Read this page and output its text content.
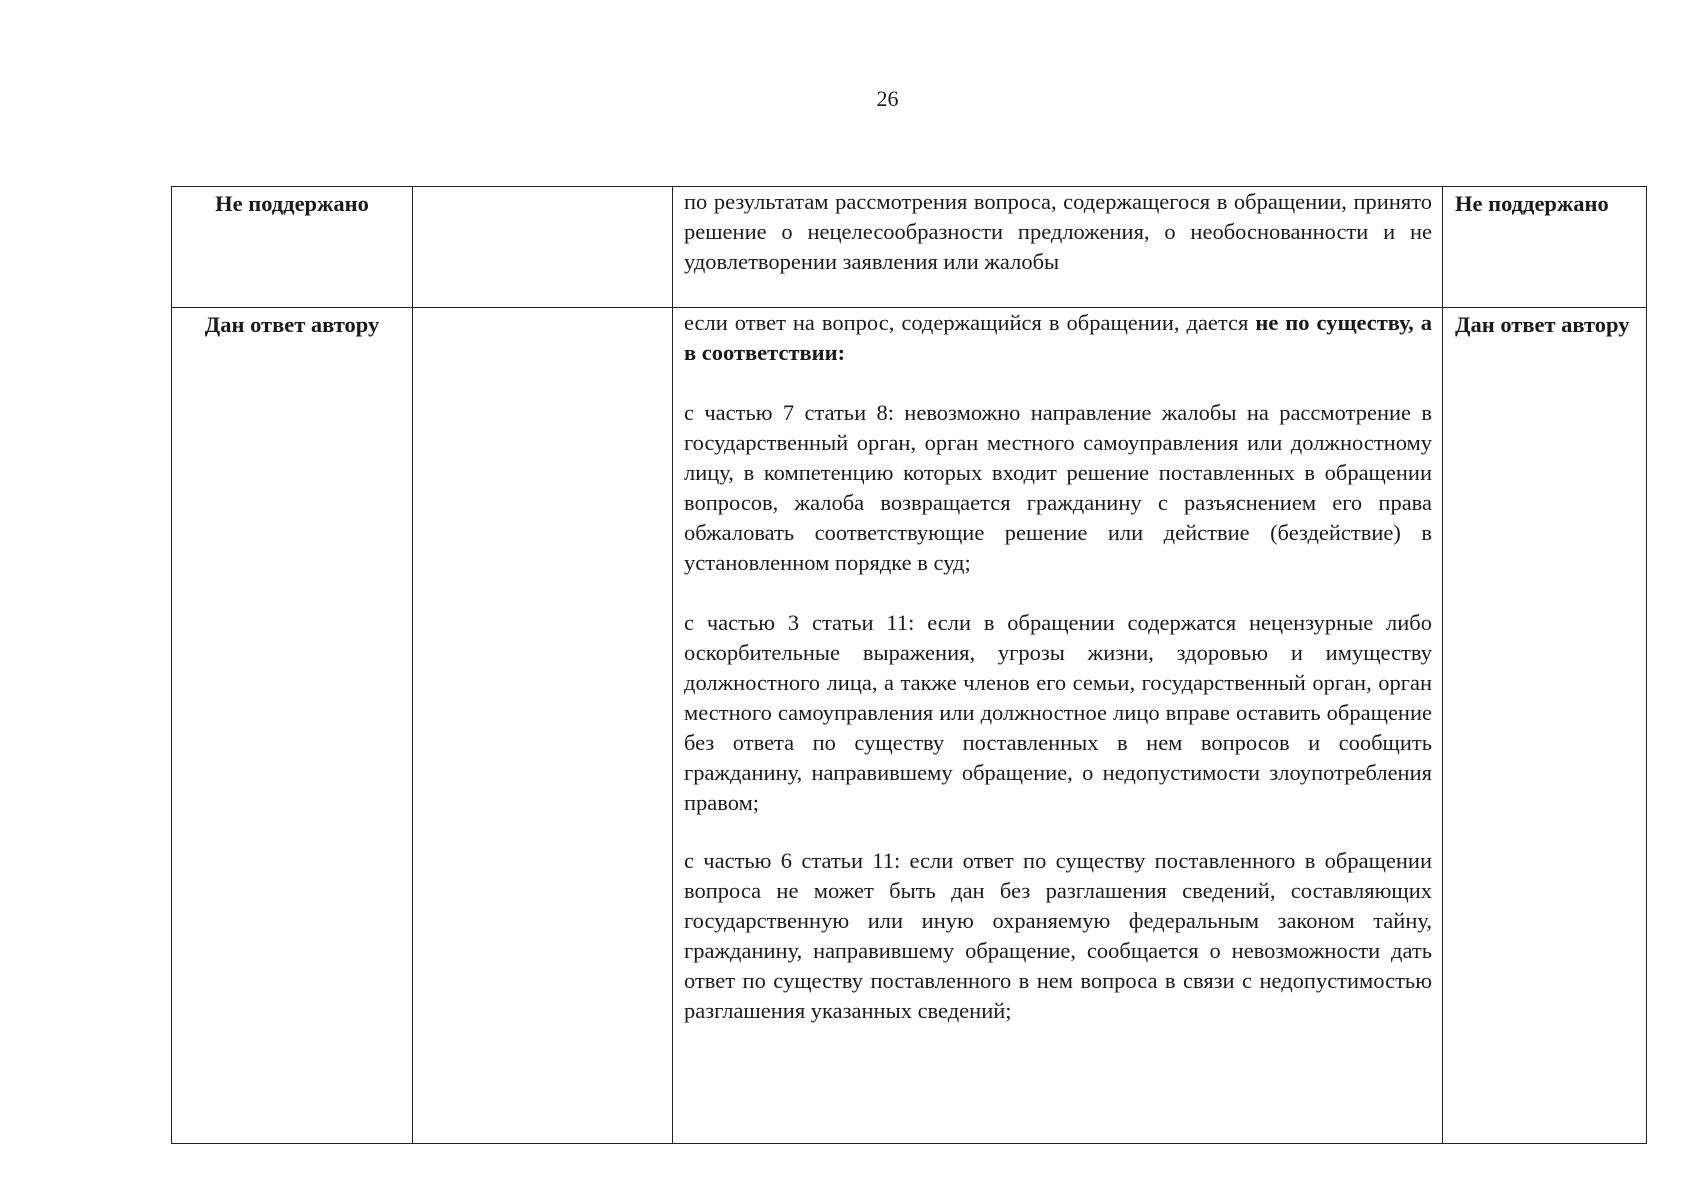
26
Не поддержано		по результатам рассмотрения вопроса, содержащегося в обращении, принято решение о нецелесообразности предложения, о необоснованности и не удовлетворении заявления или жалобы	Не поддержано
Дан ответ автору		если ответ на вопрос, содержащийся в обращении, дается не по существу, а в соответствии:

с частью 7 статьи 8: невозможно направление жалобы на рассмотрение в государственный орган, орган местного самоуправления или должностному лицу, в компетенцию которых входит решение поставленных в обращении вопросов, жалоба возвращается гражданину с разъяснением его права обжаловать соответствующие решение или действие (бездействие) в установленном порядке в суд;

с частью 3 статьи 11: если в обращении содержатся нецензурные либо оскорбительные выражения, угрозы жизни, здоровью и имуществу должностного лица, а также членов его семьи, государственный орган, орган местного самоуправления или должностное лицо вправе оставить обращение без ответа по существу поставленных в нем вопросов и сообщить гражданину, направившему обращение, о недопустимости злоупотребления правом;

с частью 6 статьи 11: если ответ по существу поставленного в обращении вопроса не может быть дан без разглашения сведений, составляющих государственную или иную охраняемую федеральным законом тайну, гражданину, направившему обращение, сообщается о невозможности дать ответ по существу поставленного в нем вопроса в связи с недопустимостью разглашения указанных сведений;	Дан ответ автору
